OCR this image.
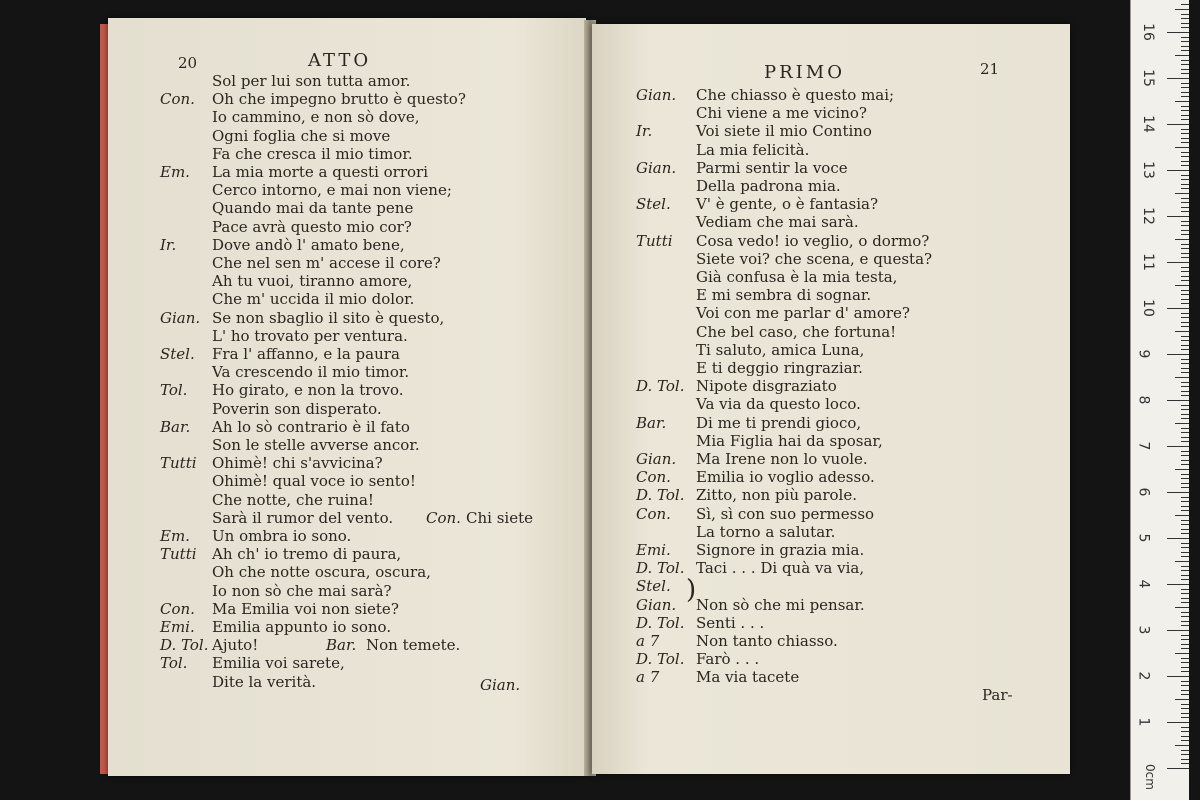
20	ATTO
Sol per lui son tutta amor.
Con. Oh che impegno brutto è questo?
Io cammino, e non sò dove,
Ogni foglia che si move
Fa che cresca il mio timor.
Em. La mia morte a questi orrori
Cerco intorno, e mai non viene;
Quando mai da tante pene
Pace avrà questo mio cor?
Ir. Dove andò l' amato bene,
Che nel sen m' accese il core?
Ah tu vuoi, tiranno amore,
Che m' uccida il mio dolor.
Gian. Se non sbaglio il sito è questo,
L' ho trovato per ventura.
Stel. Fra l' affanno, e la paura
Va crescendo il mio timor.
Tol. Ho girato, e non la trovo.
Poverin son disperato.
Bar. Ah lo sò contrario è il fato
Son le stelle avverse ancor.
Tutti Ohimè! chi s'avvicina?
Ohimè! qual voce io sento!
Che notte, che ruina!
Sarà il rumor del vento. Con. Chi siete
Em. Un ombra io sono.
Tutti Ah ch' io tremo di paura,
Oh che notte oscura, oscura,
Io non sò che mai sarà?
Con. Ma Emilia voi non siete?
Emi. Emilia appunto io sono.
D. Tol. Ajuto!	Bar. Non temete.
Tol. Emilia voi sarete,
Dite la verità.	Gian.
PRIMO	21
Gian. Che chiasso è questo mai;
Chi viene a me vicino?
Ir.	Voi siete il mio Contino
La mia felicità.
Gian. Parmi sentir la voce
Della padrona mia.
Stel. V' è gente, o è fantasia?
Vediam che mai sarà.
Tutti Cosa vedo! io veglio, o dormo?
Siete voi? che scena, e questa?
Già confusa è la mia testa,
E mi sembra di sognar.
Voi con me parlar d' amore?
Che bel caso, che fortuna!
Ti saluto, amica Luna,
E ti deggio ringraziar.
D. Tol. Nipote disgraziato
Va via da questo loco.
Bar. Di me ti prendi gioco,
Mia Figlia hai da sposar,
Gian. Ma Irene non lo vuole.
Con. Emilia io voglio adesso.
D. Tol. Zitto, non più parole.
Con. Sì, sì con suo permesso
La torno a salutar.
Emi. Signore in grazia mia.
D. Tol. Taci . . . Di quà va via,
Stel.
Gian. Non sò che mi pensar.
D. Tol. Senti . . .
a 7 Non tanto chiasso.
D. Tol. Farò . . .
a 7 Ma via tacete
)
Par-
0cm
16
15
14
13
12
11
10
9
8
7
6
5
4
3
2
1
